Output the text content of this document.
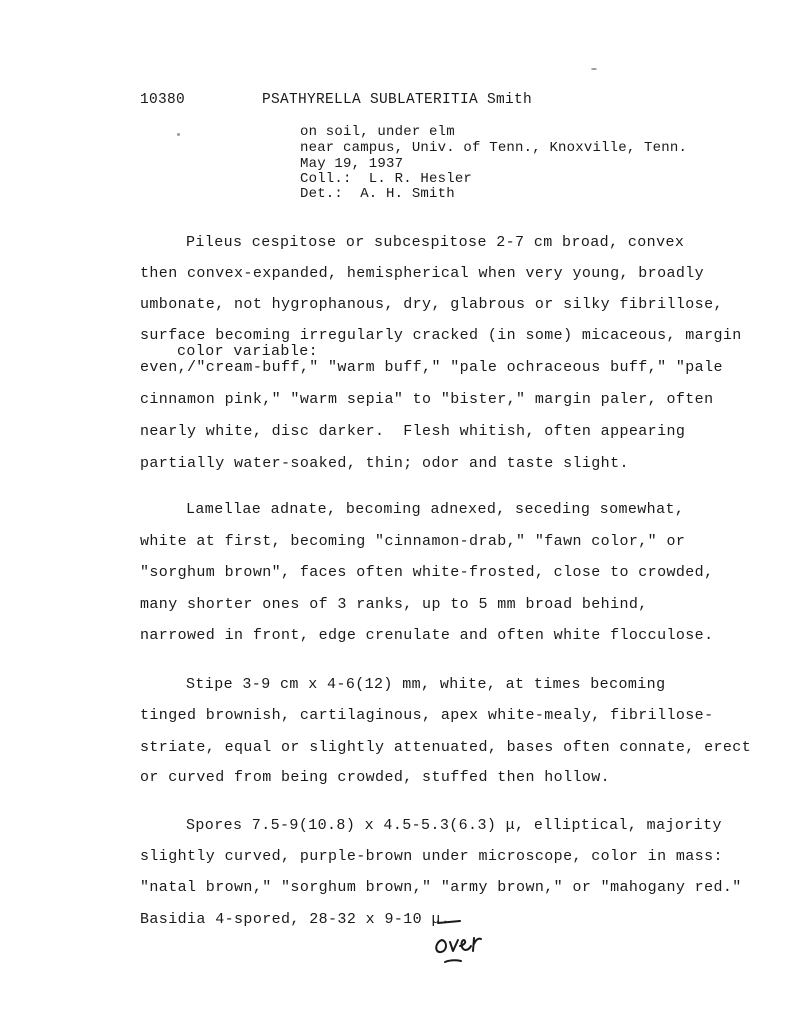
10380	PSATHYRELLA SUBLATERITIA Smith
on soil, under elm
near campus, Univ. of Tenn., Knoxville, Tenn.
May 19, 1937
Coll.:  L. R. Hesler
Det.:  A. H. Smith
Pileus cespitose or subcespitose 2-7 cm broad, convex
then convex-expanded, hemispherical when very young, broadly
umbonate, not hygrophanous, dry, glabrous or silky fibrillose,
surface becoming irregularly cracked (in some) micaceous, margin
color variable:
even,/"cream-buff," "warm buff," "pale ochraceous buff," "pale
cinnamon pink," "warm sepia" to "bister," margin paler, often
nearly white, disc darker.  Flesh whitish, often appearing
partially water-soaked, thin; odor and taste slight.
Lamellae adnate, becoming adnexed, seceding somewhat,
white at first, becoming "cinnamon-drab," "fawn color," or
"sorghum brown", faces often white-frosted, close to crowded,
many shorter ones of 3 ranks, up to 5 mm broad behind,
narrowed in front, edge crenulate and often white flocculose.
Stipe 3-9 cm x 4-6(12) mm, white, at times becoming
tinged brownish, cartilaginous, apex white-mealy, fibrillose-
striate, equal or slightly attenuated, bases often connate, erect
or curved from being crowded, stuffed then hollow.
Spores 7.5-9(10.8) x 4.5-5.3(6.3) μ, elliptical, majority
slightly curved, purple-brown under microscope, color in mass:
"natal brown," "sorghum brown," "army brown," or "mahogany red."
Basidia 4-spored, 28-32 x 9-10 μ.
